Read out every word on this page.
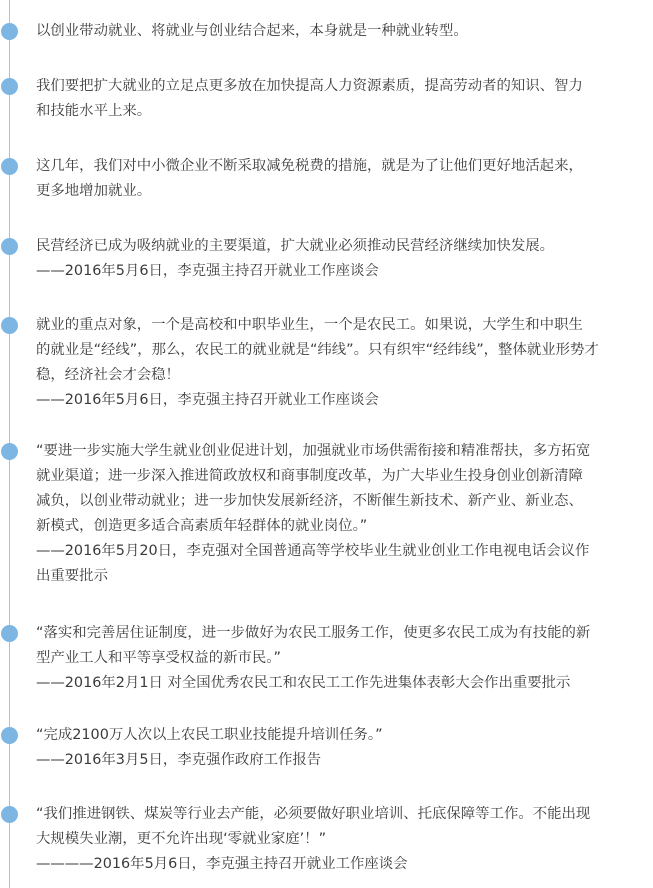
以创业带动就业、将就业与创业结合起来，本身就是一种就业转型。
我们要把扩大就业的立足点更多放在加快提高人力资源素质，提高劳动者的知识、智力
和技能水平上来。
这几年，我们对中小微企业不断采取减免税费的措施，就是为了让他们更好地活起来，
更多地增加就业。
民营经济已成为吸纳就业的主要渠道，扩大就业必须推动民营经济继续加快发展。
——2016年5月6日，李克强主持召开就业工作座谈会
就业的重点对象，一个是高校和中职毕业生，一个是农民工。如果说，大学生和中职生
的就业是“经线”，那么，农民工的就业就是“纬线”。只有织牢“经纬线”，整体就业形势才
稳，经济社会才会稳！
——2016年5月6日，李克强主持召开就业工作座谈会
“要进一步实施大学生就业创业促进计划，加强就业市场供需衔接和精准帮扶，多方拓宽
就业渠道；进一步深入推进简政放权和商事制度改革，为广大毕业生投身创业创新清障
减负，以创业带动就业；进一步加快发展新经济，不断催生新技术、新产业、新业态、
新模式，创造更多适合高素质年轻群体的就业岗位。”
——2016年5月20日，李克强对全国普通高等学校毕业生就业创业工作电视电话会议作
出重要批示
“落实和完善居住证制度，进一步做好为农民工服务工作，使更多农民工成为有技能的新
型产业工人和平等享受权益的新市民。”
——2016年2月1日 对全国优秀农民工和农民工工作先进集体表彰大会作出重要批示
“完成2100万人次以上农民工职业技能提升培训任务。”
——2016年3月5日，李克强作政府工作报告
“我们推进钢铁、煤炭等行业去产能，必须要做好职业培训、托底保障等工作。不能出现
大规模失业潮，更不允许出现‘零就业家庭’！”
————2016年5月6日，李克强主持召开就业工作座谈会
